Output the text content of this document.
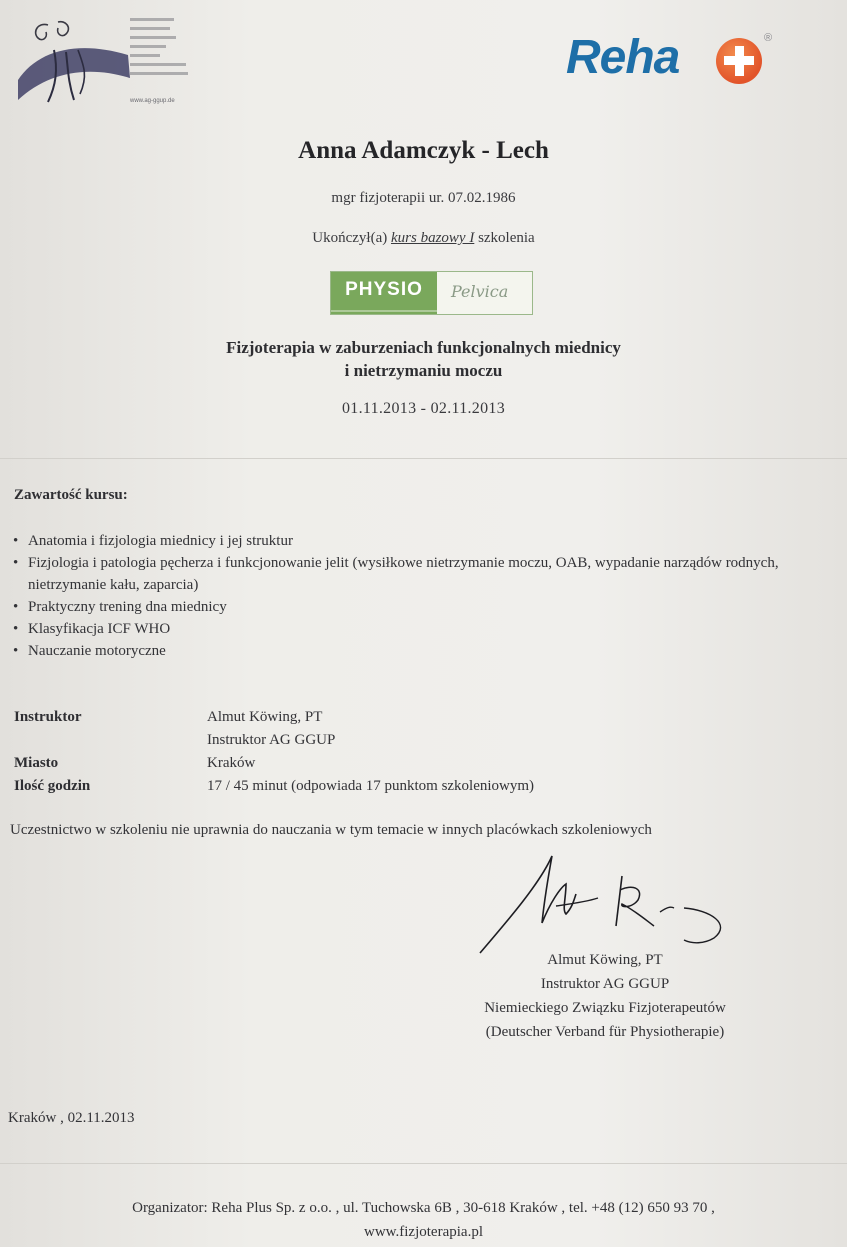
www.ag-ggup.de
Reha	®
Anna Adamczyk - Lech
mgr fizjoterapii ur. 07.02.1986
Ukończył(a) kurs bazowy I szkolenia
PHYSIO	Pelvica
Fizjoterapia w zaburzeniach funkcjonalnych miednicy
i nietrzymaniu moczu
01.11.2013 - 02.11.2013
Zawartość kursu:
• Anatomia i fizjologia miednicy i jej struktur
• Fizjologia i patologia pęcherza i funkcjonowanie jelit (wysiłkowe nietrzymanie moczu, OAB, wypadanie narządów rodnych, nietrzymanie kału, zaparcia)
• Praktyczny trening dna miednicy
• Klasyfikacja ICF WHO
• Nauczanie motoryczne
Instruktor	Almut Köwing, PT
Instruktor AG GGUP
Miasto	Kraków
Ilość godzin	17 / 45 minut (odpowiada 17 punktom szkoleniowym)
Uczestnictwo w szkoleniu nie uprawnia do nauczania w tym temacie w innych placówkach szkoleniowych
Almut Köwing, PT
Instruktor AG GGUP
Niemieckiego Związku Fizjoterapeutów
(Deutscher Verband für Physiotherapie)
Kraków , 02.11.2013
Organizator: Reha Plus Sp. z o.o. , ul. Tuchowska 6B , 30-618 Kraków , tel. +48 (12) 650 93 70 ,
www.fizjoterapia.pl
